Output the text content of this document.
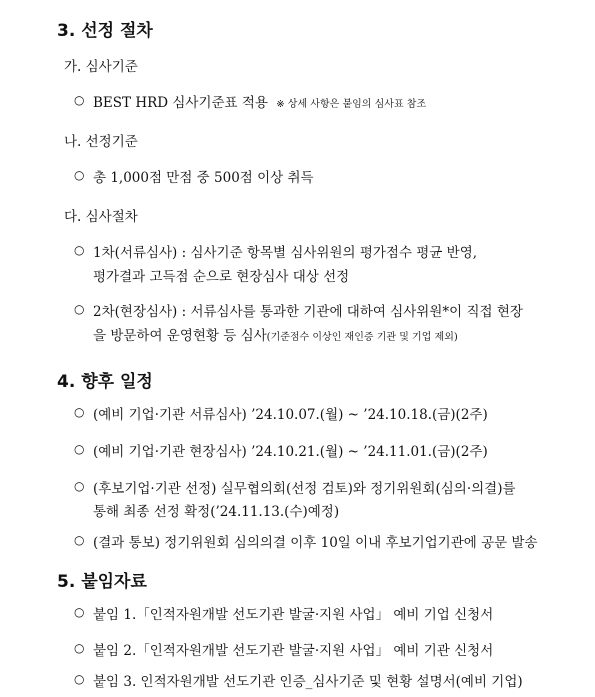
3. 선정 절차
가. 심사기준
○ BEST HRD 심사기준표 적용 ※ 상세 사항은 붙임의 심사표 참조
나. 선정기준
○ 총 1,000점 만점 중 500점 이상 취득
다. 심사절차
○ 1차(서류심사) : 심사기준 항목별 심사위원의 평가점수 평균 반영,
평가결과 고득점 순으로 현장심사 대상 선정
○ 2차(현장심사) : 서류심사를 통과한 기관에 대하여 심사위원*이 직접 현장
을 방문하여 운영현황 등 심사(기준점수 이상인 재인증 기관 및 기업 제외)
4. 향후 일정
○ (예비 기업·기관 서류심사) ’24.10.07.(월) ~ ’24.10.18.(금)(2주)
○ (예비 기업·기관 현장심사) ’24.10.21.(월) ~ ’24.11.01.(금)(2주)
○ (후보기업·기관 선정) 실무협의회(선정 검토)와 정기위원회(심의·의결)를
통해 최종 선정 확정(’24.11.13.(수)예정)
○ (결과 통보) 정기위원회 심의의결 이후 10일 이내 후보기업기관에 공문 발송
5. 붙임자료
○ 붙임 1.「인적자원개발 선도기관 발굴·지원 사업」 예비 기업 신청서
○ 붙임 2.「인적자원개발 선도기관 발굴·지원 사업」 예비 기관 신청서
○ 붙임 3. 인적자원개발 선도기관 인증_심사기준 및 현황 설명서(예비 기업)
